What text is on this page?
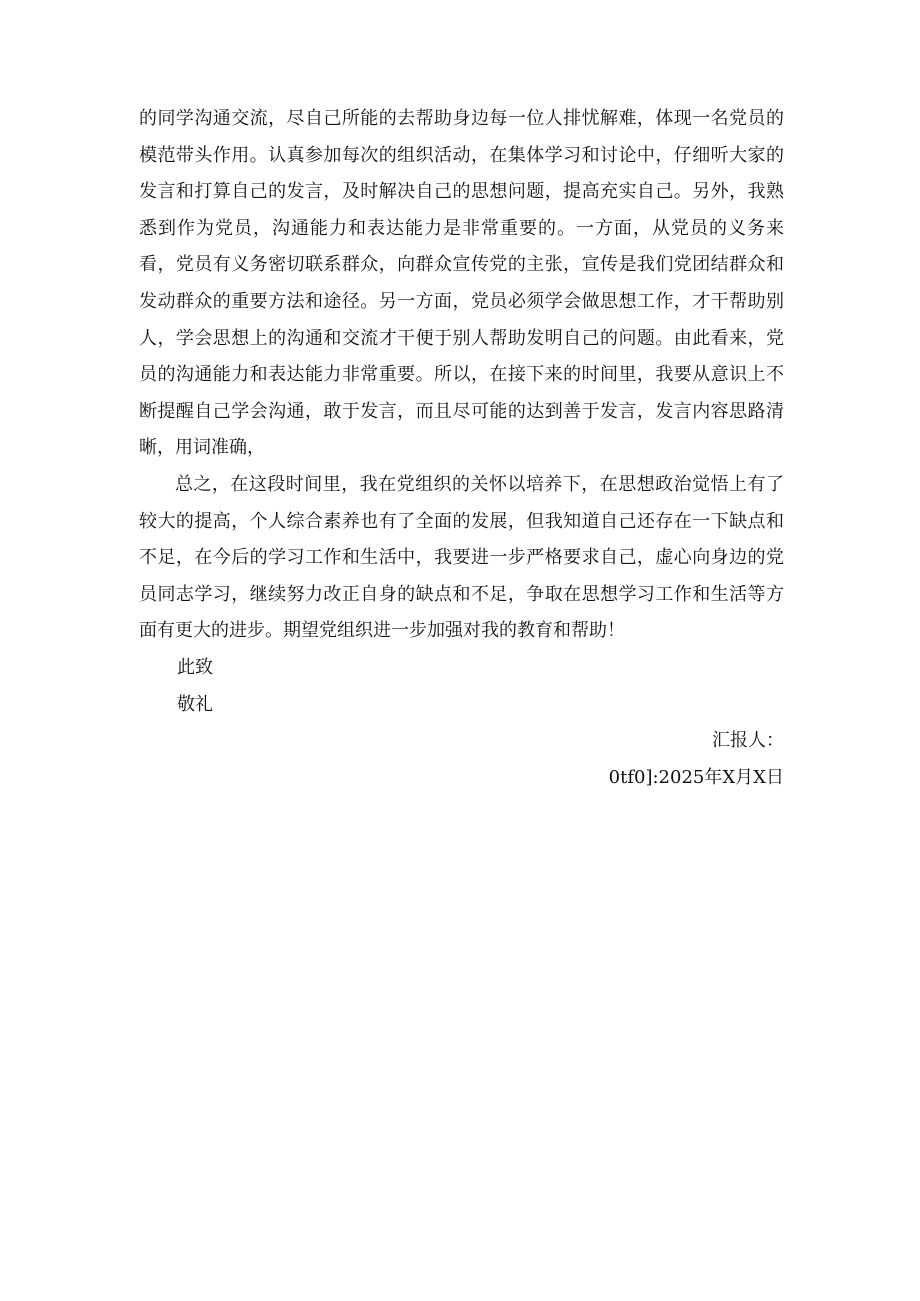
的同学沟通交流，尽自己所能的去帮助身边每一位人排忧解难，体现一名党员的模范带头作用。认真参加每次的组织活动，在集体学习和讨论中，仔细听大家的发言和打算自己的发言，及时解决自己的思想问题，提高充实自己。另外，我熟悉到作为党员，沟通能力和表达能力是非常重要的。一方面，从党员的义务来看，党员有义务密切联系群众，向群众宣传党的主张，宣传是我们党团结群众和发动群众的重要方法和途径。另一方面，党员必须学会做思想工作，才干帮助别人，学会思想上的沟通和交流才干便于别人帮助发明自己的问题。由此看来，党员的沟通能力和表达能力非常重要。所以，在接下来的时间里，我要从意识上不断提醒自己学会沟通，敢于发言，而且尽可能的达到善于发言，发言内容思路清晰，用词准确，

总之，在这段时间里，我在党组织的关怀以培养下，在思想政治觉悟上有了较大的提高，个人综合素养也有了全面的发展，但我知道自己还存在一下缺点和不足，在今后的学习工作和生活中，我要进一步严格要求自己，虚心向身边的党员同志学习，继续努力改正自身的缺点和不足，争取在思想学习工作和生活等方面有更大的进步。期望党组织进一步加强对我的教育和帮助！

此致

敬礼

汇报人：

0tf0]:2025年X月X日
